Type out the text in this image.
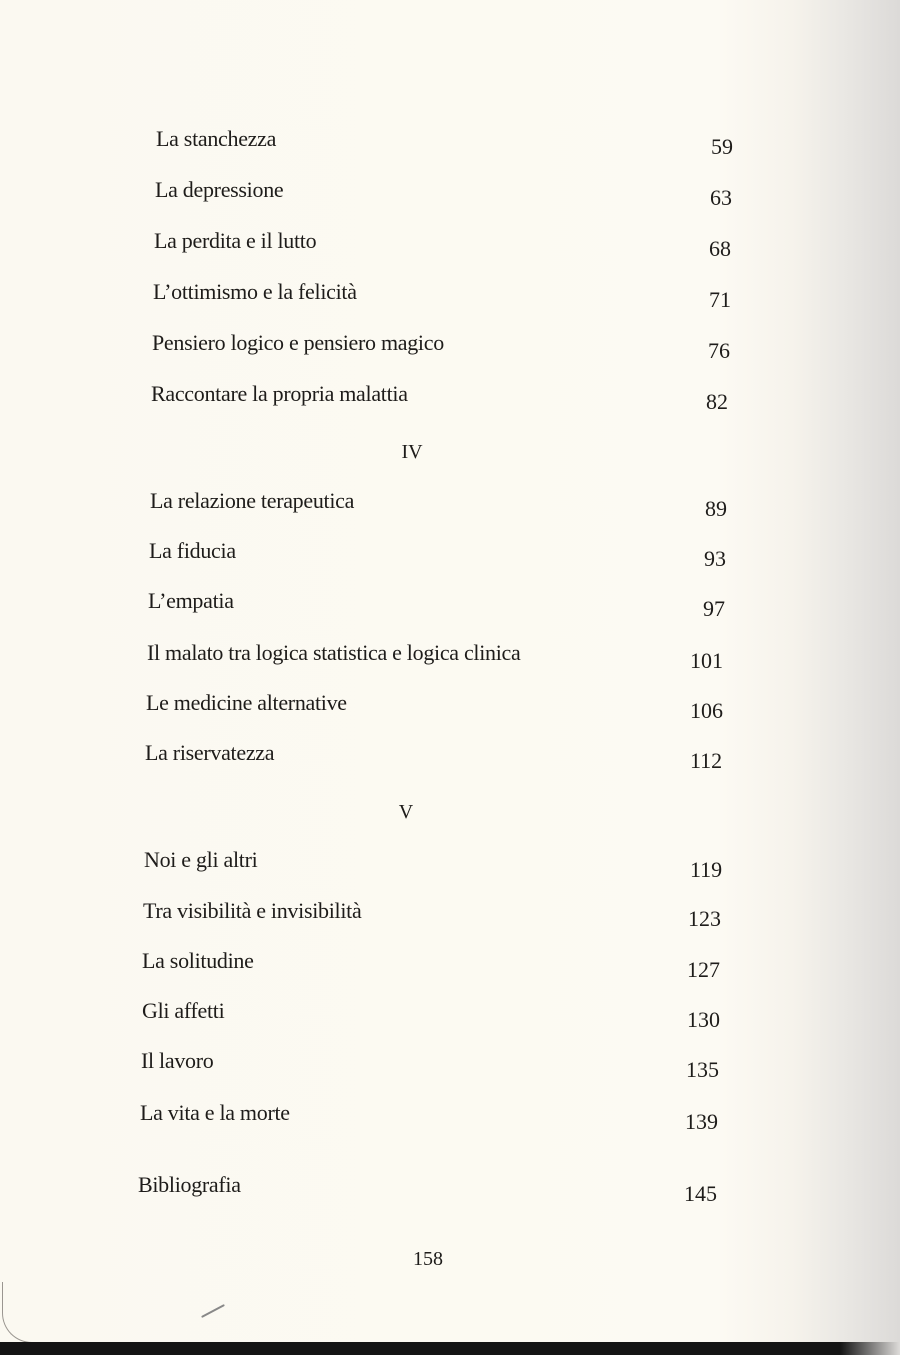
La stanchezza	59
La depressione	63
La perdita e il lutto	68
L’ottimismo e la felicità	71
Pensiero logico e pensiero magico	76
Raccontare la propria malattia	82
IV
La relazione terapeutica	89
La fiducia	93
L’empatia	97
Il malato tra logica statistica e logica clinica	101
Le medicine alternative	106
La riservatezza	112
V
Noi e gli altri	119
Tra visibilità e invisibilità	123
La solitudine	127
Gli affetti	130
Il lavoro	135
La vita e la morte	139
Bibliografia	145
158
